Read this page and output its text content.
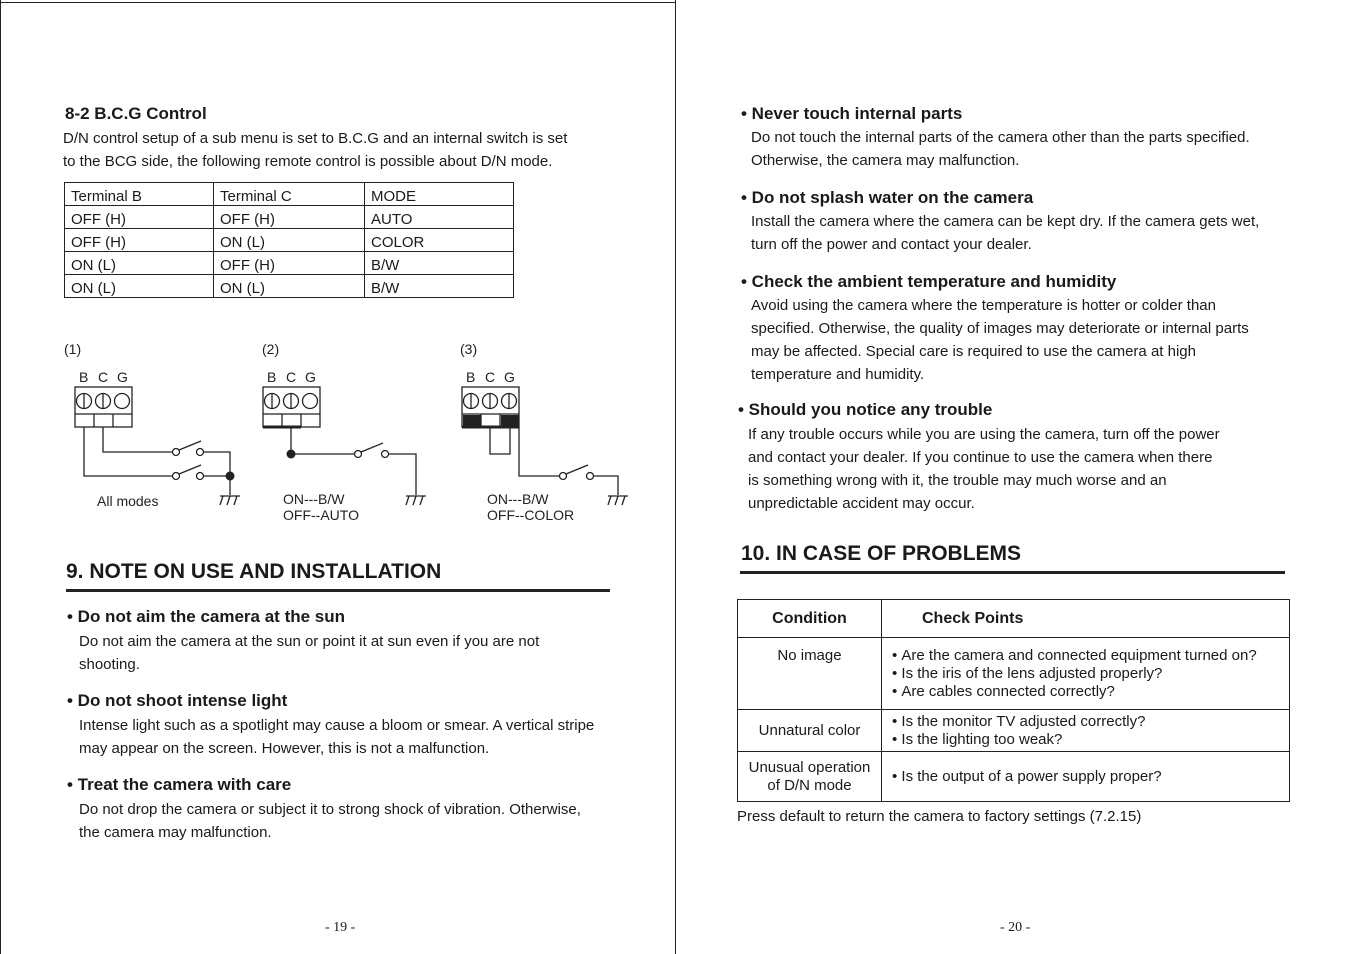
8-2 B.C.G Control
D/N control setup of a sub menu is set to B.C.G and an internal switch is set
to the BCG side, the following remote control is possible about D/N mode.
Terminal B	Terminal C	MODE
OFF (H)	OFF (H)	AUTO
OFF (H)	ON (L)	COLOR
ON (L)	OFF (H)	B/W
ON (L)	ON (L)	B/W
(1)
B C G
All modes
(2)
B C G
ON---B/W
OFF--AUTO
(3)
B C G
ON---B/W
OFF--COLOR
9. NOTE ON USE AND INSTALLATION
• Do not aim the camera at the sun
Do not aim the camera at the sun or point it at sun even if you are not
shooting.
• Do not shoot intense light
Intense light such as a spotlight may cause a bloom or smear. A vertical stripe
may appear on the screen. However, this is not a malfunction.
• Treat the camera with care
Do not drop the camera or subject it to strong shock of vibration. Otherwise,
the camera may malfunction.
- 19 -
• Never touch internal parts
Do not touch the internal parts of the camera other than the parts specified.
Otherwise, the camera may malfunction.
• Do not splash water on the camera
Install the camera where the camera can be kept dry. If the camera gets wet,
turn off the power and contact your dealer.
• Check the ambient temperature and humidity
Avoid using the camera where the temperature is hotter or colder than
specified. Otherwise, the quality of images may deteriorate or internal parts
may be affected. Special care is required to use the camera at high
temperature and humidity.
• Should you notice any trouble
If any trouble occurs while you are using the camera, turn off the power
and contact your dealer. If you continue to use the camera when there
is something wrong with it, the trouble may much worse and an
unpredictable accident may occur.
10. IN CASE OF PROBLEMS
Condition	Check Points

No image	• Are the camera and connected equipment turned on?
• Is the iris of the lens adjusted properly?
• Are cables connected correctly?

Unnatural color	• Is the monitor TV adjusted correctly?
• Is the lighting too weak?

Unusual operation
of D/N mode	• Is the output of a power supply proper?
Press default to return the camera to factory settings (7.2.15)
- 20 -
